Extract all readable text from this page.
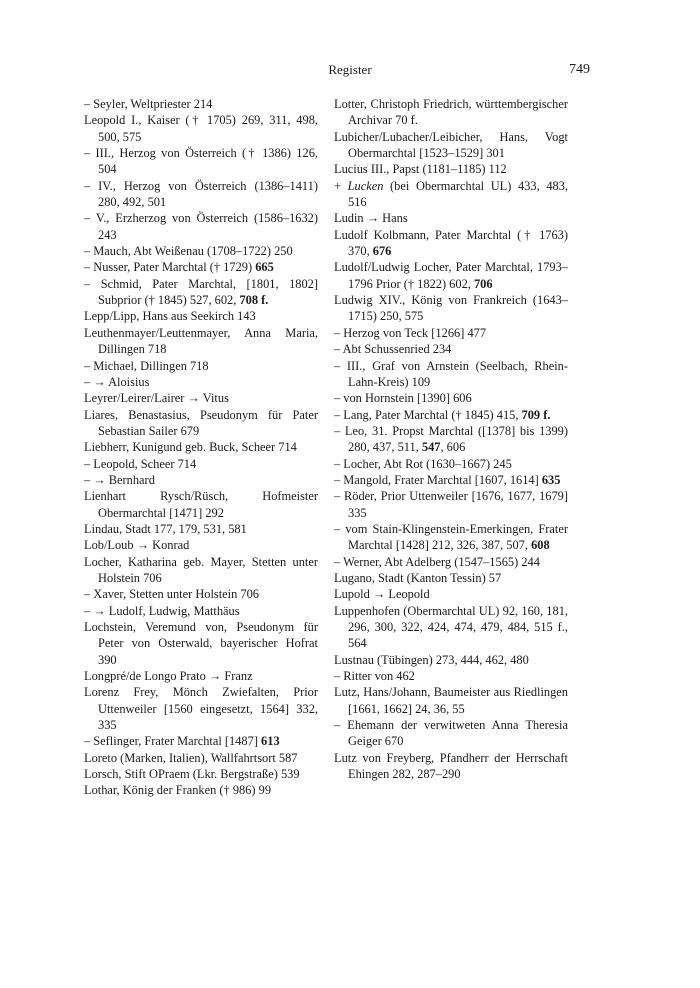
Register	749

– Seyler, Weltpriester 214

Leopold I., Kaiser († 1705) 269, 311, 498, 500, 575

– III., Herzog von Österreich († 1386) 126, 504

– IV., Herzog von Österreich (1386–1411) 280, 492, 501

– V., Erzherzog von Österreich (1586–1632) 243

– Mauch, Abt Weißenau (1708–1722) 250

– Nusser, Pater Marchtal († 1729) 665

– Schmid, Pater Marchtal, [1801, 1802] Subprior († 1845) 527, 602, 708 f.

Lepp/Lipp, Hans aus Seekirch 143

Leuthenmayer/Leuttenmayer, Anna Maria, Dillingen 718

– Michael, Dillingen 718

– → Aloisius

Leyrer/Leirer/Lairer → Vitus

Liares, Benastasius, Pseudonym für Pater Sebastian Sailer 679

Liebherr, Kunigund geb. Buck, Scheer 714

– Leopold, Scheer 714

– → Bernhard

Lienhart Rysch/Rüsch, Hofmeister Obermarchtal [1471] 292

Lindau, Stadt 177, 179, 531, 581

Lob/Loub → Konrad

Locher, Katharina geb. Mayer, Stetten unter Holstein 706

– Xaver, Stetten unter Holstein 706

– → Ludolf, Ludwig, Matthäus

Lochstein, Veremund von, Pseudonym für Peter von Osterwald, bayerischer Hofrat 390

Longpré/de Longo Prato → Franz

Lorenz Frey, Mönch Zwiefalten, Prior Uttenweiler [1560 eingesetzt, 1564] 332, 335

– Seflinger, Frater Marchtal [1487] 613

Loreto (Marken, Italien), Wallfahrtsort 587

Lorsch, Stift OPraem (Lkr. Bergstraße) 539

Lothar, König der Franken († 986) 99

Lotter, Christoph Friedrich, württembergischer Archivar 70 f.

Lubicher/Lubacher/Leibicher, Hans, Vogt Obermarchtal [1523–1529] 301

Lucius III., Papst (1181–1185) 112

+ Lucken (bei Obermarchtal UL) 433, 483, 516

Ludin → Hans

Ludolf Kolbmann, Pater Marchtal († 1763) 370, 676

Ludolf/Ludwig Locher, Pater Marchtal, 1793–1796 Prior († 1822) 602, 706

Ludwig XIV., König von Frankreich (1643–1715) 250, 575

– Herzog von Teck [1266] 477

– Abt Schussenried 234

– III., Graf von Arnstein (Seelbach, Rhein-Lahn-Kreis) 109

– von Hornstein [1390] 606

– Lang, Pater Marchtal († 1845) 415, 709 f.

– Leo, 31. Propst Marchtal ([1378] bis 1399) 280, 437, 511, 547, 606

– Locher, Abt Rot (1630–1667) 245

– Mangold, Frater Marchtal [1607, 1614] 635

– Röder, Prior Uttenweiler [1676, 1677, 1679] 335

– vom Stain-Klingenstein-Emerkingen, Frater Marchtal [1428] 212, 326, 387, 507, 608

– Werner, Abt Adelberg (1547–1565) 244

Lugano, Stadt (Kanton Tessin) 57

Lupold → Leopold

Luppenhofen (Obermarchtal UL) 92, 160, 181, 296, 300, 322, 424, 474, 479, 484, 515 f., 564

Lustnau (Tübingen) 273, 444, 462, 480

– Ritter von 462

Lutz, Hans/Johann, Baumeister aus Riedlingen [1661, 1662] 24, 36, 55

– Ehemann der verwitweten Anna Theresia Geiger 670

Lutz von Freyberg, Pfandherr der Herrschaft Ehingen 282, 287–290
